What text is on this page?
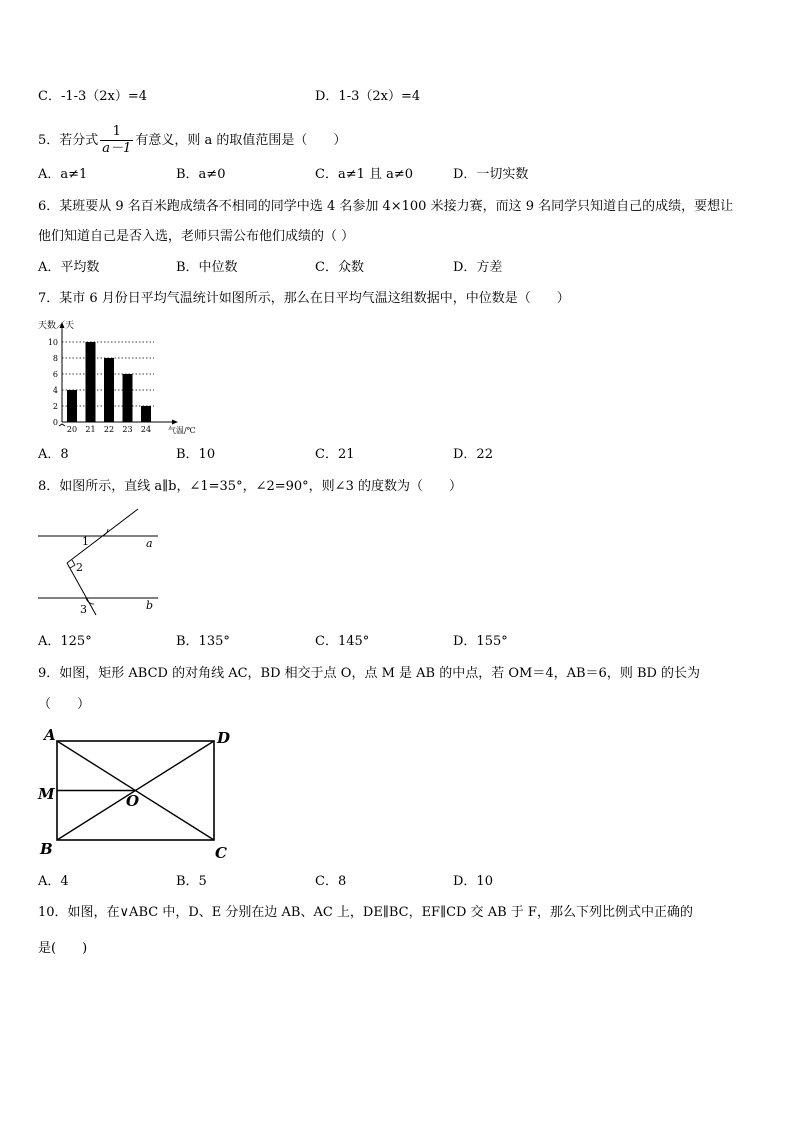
C．-1-3（2x）=4	D．1-3（2x）=4
5．若分式 $\frac{1}{a-1}$ 有意义，则 a 的取值范围是（　　）
A．a≠1	B．a≠0	C．a≠1 且 a≠0	D．一切实数
6．某班要从 9 名百米跑成绩各不相同的同学中选 4 名参加 4×100 米接力赛，而这 9 名同学只知道自己的成绩，要想让
他们知道自己是否入选，老师只需公布他们成绩的（ ）
A．平均数	B．中位数	C．众数	D．方差
7．某市 6 月份日平均气温统计如图所示，那么在日平均气温这组数据中，中位数是（　　）
0
2
4
6
8
10
20 21 22 23 24
天数／天
气温/℃
A．8	B．10	C．21	D．22
8．如图所示，直线 a∥b，∠1=35°，∠2=90°，则∠3 的度数为（　　）
1
2
3
a
b
A．125°	B．135°	C．145°	D．155°
9．如图，矩形 ABCD 的对角线 AC，BD 相交于点 O，点 M 是 AB 的中点，若 OM＝4，AB＝6，则 BD 的长为
（　　）
A	D
M	O
B	C
A．4	B．5	C．8	D．10
10．如图，在∨ABC 中，D、E 分别在边 AB、AC 上，DE∥BC，EF∥CD 交 AB 于 F，那么下列比例式中正确的
是(　　)
